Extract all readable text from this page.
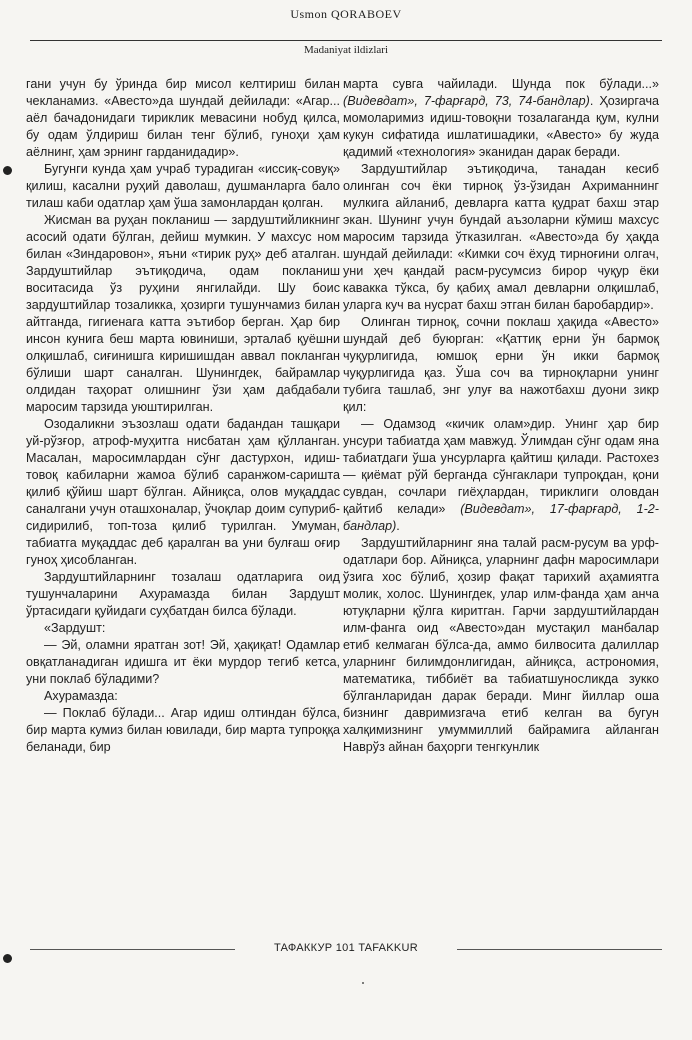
Usmon QORABOEV
Madaniyat ildizlari

гани учун бу ўринда бир мисол келтириш билан чекланамиз. «Авесто»да шундай дейилади: «Агар... аёл бачадонидаги тириклик мевасини нобуд қилса, бу одам ўлдириш билан тенг бўлиб, гуноҳи ҳам аёлнинг, ҳам эрнинг гарданидадир».

Бугунги кунда ҳам учраб турадиган «иссиқ-совуқ» қилиш, касални руҳий даволаш, душманларга бало тилаш каби одатлар ҳам ўша замонлардан қолган.

Жисман ва руҳан покланиш — зардуштийликнинг асосий одати бўлган, дейиш мумкин. У махсус ном билан «Зиндаровон», яъни «тирик руҳ» деб аталган. Зардуштийлар эътиқодича, одам покланиш воситасида ўз руҳини янгилайди. Шу боис зардуштийлар тозаликка, ҳозирги тушунчамиз билан айтганда, гигиенага катта эътибор берган. Ҳар бир инсон кунига беш марта ювиниши, эрталаб қуёшни олқишлаб, сиғинишга киришишдан аввал покланган бўлиши шарт саналган. Шунингдек, байрамлар олдидан таҳорат олишнинг ўзи ҳам дабдабали маросим тарзида уюштирилган.

Озодаликни эъзозлаш одати бадандан ташқари уй-рўзғор, атроф-муҳитга нисбатан ҳам қўлланган. Масалан, маросимлардан сўнг дастурхон, идиш-товоқ кабиларни жамоа бўлиб саранжом-саришта қилиб қўйиш шарт бўлган. Айниқса, олов муқаддас саналгани учун оташхоналар, ўчоқлар доим супуриб-сидирилиб, топ-тоза қилиб турилган. Умуман, табиатга муқаддас деб қаралган ва уни булғаш оғир гуноҳ ҳисобланган.

Зардуштийларнинг тозалаш одатларига оид тушунчаларини Ахурамазда билан Зардушт ўртасидаги қуйидаги суҳбатдан билса бўлади.

«Зардушт:

— Эй, оламни яратган зот! Эй, ҳақиқат! Одамлар овқатланадиган идишга ит ёки мурдор тегиб кетса, уни поклаб бўладими?

Ахурамазда:

— Поклаб бўлади... Агар идиш олтиндан бўлса, бир марта кумиз билан ювилади, бир марта тупроққа беланади, бир

марта сувга чайилади. Шунда пок бўлади...» (Видевдат», 7-фарғард, 73, 74-бандлар). Ҳозиргача момоларимиз идиш-товоқни тозалаганда қум, кулни кукун сифатида ишлатишадики, «Авесто» бу жуда қадимий «технология» эканидан дарак беради.

Зардуштийлар эътиқодича, танадан кесиб олинган соч ёки тирноқ ўз-ўзидан Ахриманнинг мулкига айланиб, девларга катта қудрат бахш этар экан. Шунинг учун бундай аъзоларни кўмиш махсус маросим тарзида ўтказилган. «Авесто»да бу ҳақда шундай дейилади: «Кимки соч ёхуд тирноғини олгач, уни ҳеч қандай расм-русумсиз бирор чуқур ёки кавакка тўкса, бу қабиҳ амал девларни олқишлаб, уларга куч ва нусрат бахш этган билан баробардир».

Олинган тирноқ, сочни поклаш ҳақида «Авесто» шундай деб буюрган: «Қаттиқ ерни ўн бармоқ чуқурлигида, юмшоқ ерни ўн икки бармоқ чуқурлигида қаз. Ўша соч ва тирноқларни унинг тубига ташлаб, энг улуғ ва нажотбахш дуони зикр қил:

— Одамзод «кичик олам»дир. Унинг ҳар бир унсури табиатда ҳам мавжуд. Ўлимдан сўнг одам яна табиатдаги ўша унсурларга қайтиш қилади. Растохез — қиёмат рўй берганда сўнгаклари тупроқдан, қони сувдан, сочлари гиёҳлардан, тириклиги оловдан қайтиб келади» (Видевдат», 17-фарғард, 1-2-бандлар).

Зардуштийларнинг яна талай расм-русум ва урф-одатлари бор. Айниқса, уларнинг дафн маросимлари ўзига хос бўлиб, ҳозир фақат тарихий аҳамиятга молик, холос. Шунингдек, улар илм-фанда ҳам анча ютуқларни қўлга киритган. Гарчи зардуштийлардан илм-фанга оид «Авесто»дан мустақил манбалар етиб келмаган бўлса-да, аммо билвосита далиллар уларнинг билимдонлигидан, айниқса, астрономия, математика, тиббиёт ва табиатшуносликда зукко бўлганларидан дарак беради. Минг йиллар оша бизнинг давримизгача етиб келган ва бугун халқимизнинг умуммиллий байрамига айланган Наврўз айнан баҳорги тенгкунлик

ТАФАККУР 101 TAFAKKUR
